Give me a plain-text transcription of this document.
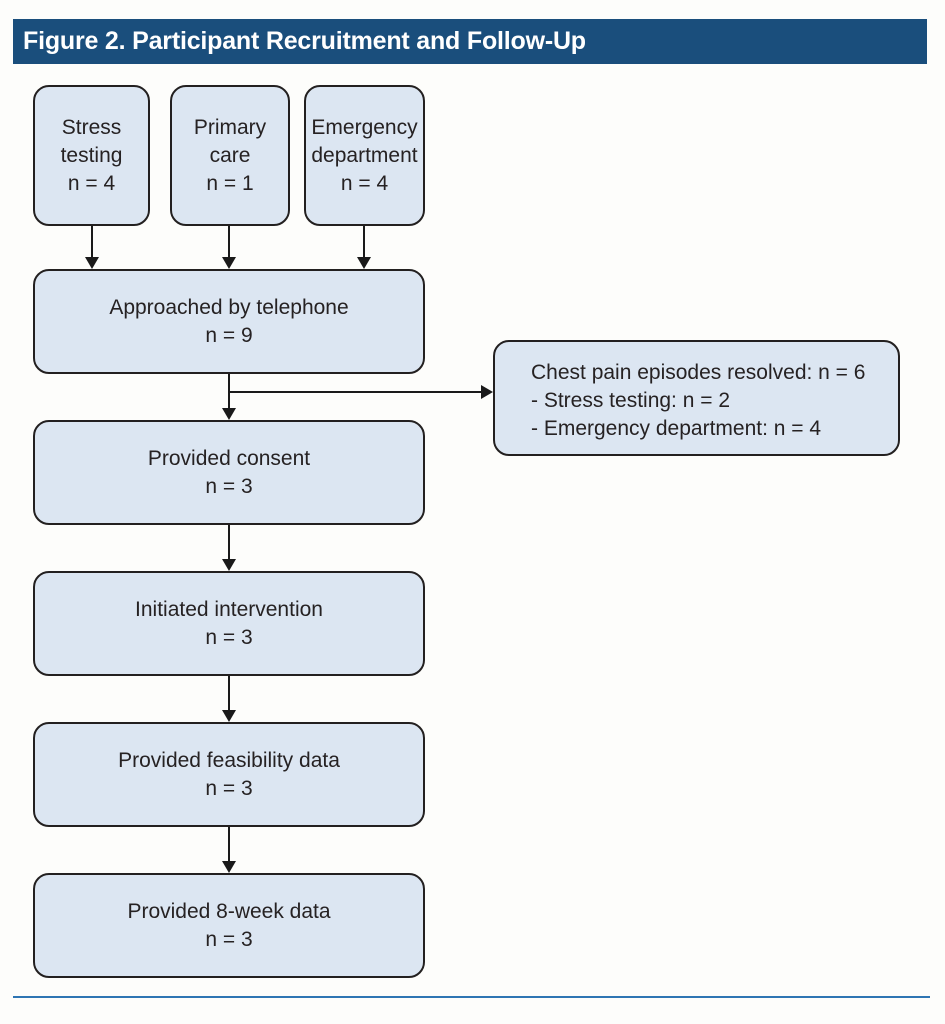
Figure 2. Participant Recruitment and Follow-Up
Stress testing
n = 4
Primary care
n = 1
Emergency department
n = 4
Approached by telephone
n = 9
Provided consent
n = 3
Initiated intervention
n = 3
Provided feasibility data
n = 3
Provided 8-week data
n = 3
Chest pain episodes resolved: n = 6
- Stress testing: n = 2
- Emergency department: n = 4
